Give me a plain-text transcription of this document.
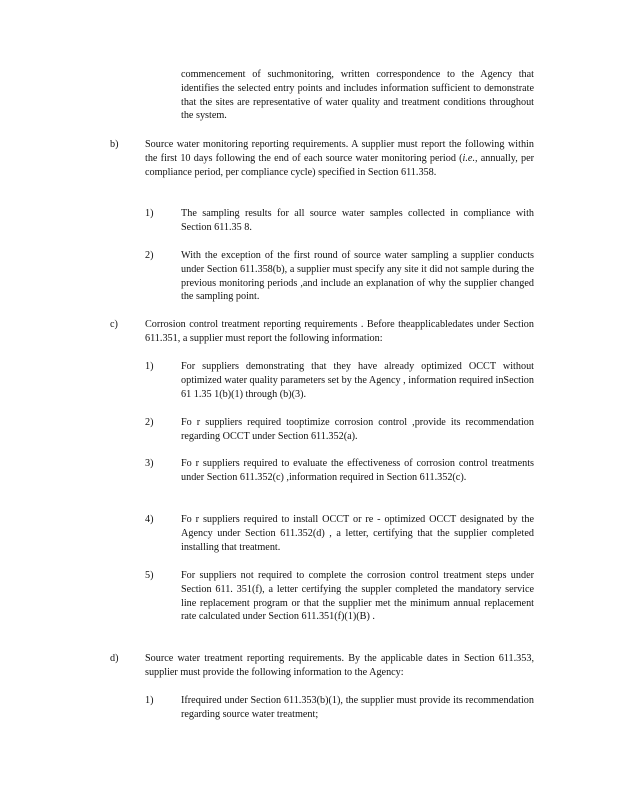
commencement of suchmonitoring, written correspondence to the Agency that identifies the selected entry points and includes information sufficient to demonstrate that the sites are representative of water quality and treatment conditions throughout the system.

b)	Source water monitoring reporting requirements. A supplier must report the following within the first 10 days following the end of each source water monitoring period (i.e., annually, per compliance period, per compliance cycle) specified in Section 611.358.

1)	The sampling results for all source water samples collected in compliance with Section 611.35 8.

2)	With the exception of the first round of source water sampling a supplier conducts under Section 611.358(b), a supplier must specify any site it did not sample during the previous monitoring periods ,and include an explanation of why the supplier changed the sampling point.

c)	Corrosion control treatment reporting requirements . Before theapplicabledates under Section 611.351, a supplier must report the following information:

1)	For suppliers demonstrating that they have already optimized OCCT without optimized water quality parameters set by the Agency , information required inSection 61 1.35 1(b)(1) through (b)(3).

2)	Fo r suppliers required tooptimize corrosion control ,provide its recommendation regarding OCCT under Section 611.352(a).

3)	Fo r suppliers required to evaluate the effectiveness of corrosion control treatments under Section 611.352(c) ,information required in Section 611.352(c).

4)	Fo r suppliers required to install OCCT or re - optimized OCCT designated by the Agency under Section 611.352(d) , a letter, certifying that the supplier completed installing that treatment.

5)	For suppliers not required to complete the corrosion control treatment steps under Section 611. 351(f), a letter certifying the suppler completed the mandatory service line replacement program or that the supplier met the minimum annual replacement rate calculated under Section 611.351(f)(1)(B) .

d)	Source water treatment reporting requirements. By the applicable dates in Section 611.353, supplier must provide the following information to the Agency:

1)	Ifrequired under Section 611.353(b)(1), the supplier must provide its recommendation regarding source water treatment;
